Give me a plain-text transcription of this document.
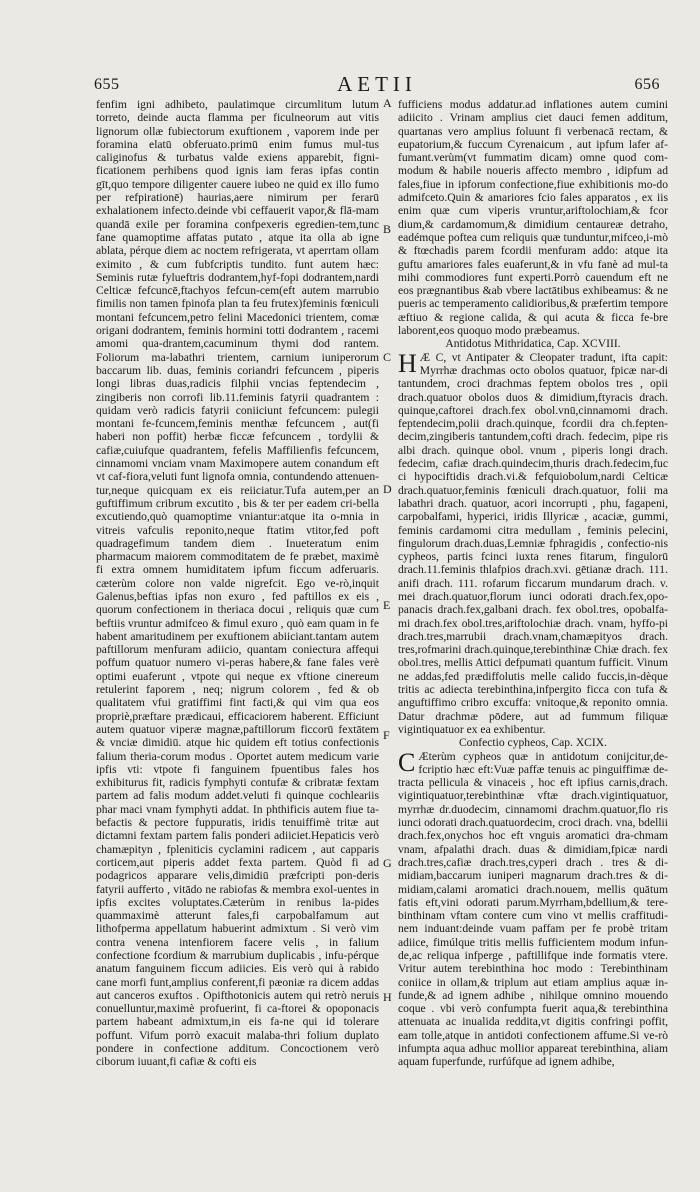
655	AETII	656

fenfim igni adhibeto, paulatimque circumlitum lutum torreto, deinde aucta flamma per ficulneorum aut vitis lignorum ollæ fubiectorum exuftionem , vaporem inde per foramina elatū obferuato.primū enim fumus mul-tus caliginofus & turbatus valde exiens apparebit, figni-ficationem perhibens quod ignis iam feras ipfas contin gīt,quo tempore diligenter cauere iubeo ne quid ex illo fumo per refpirationē) haurias,aere nimirum per ferarū exhalationem infecto.deinde vbi ceffauerit vapor,& flā-mam quandā exile per foramina confpexeris egredien-tem,tunc fane quamoptime affatas putato , atque ita olla ab igne ablata, pérque diem ac noctem refrigerata, vt aperrtam ollam eximito , & cum fubfcriptis tundito. funt autem hæc: Seminis rutæ fylueftris dodrantem,hyf-fopi dodrantem,nardi Celticæ fefcuncē,ftachyos fefcun-cem(eft autem marrubio fimilis non tamen fpinofa plan ta feu frutex)feminis fœniculi montani fefcuncem,petro felini Macedonici trientem, comæ origani dodrantem, feminis hormini totti dodrantem , racemi amomi qua-drantem,cacuminum thymi dod rantem. Foliorum ma-labathri trientem, carnium iuniperorum baccarum lib. duas, feminis coriandri fefcuncem , piperis longi libras duas,radicis filphii vncias feptendecim , zingiberis non corrofi lib.11.feminis fatyrii quadrantem : quidam verò radicis fatyrii coniiciunt fefcuncem: pulegii montani fe-fcuncem,feminis menthæ fefcuncem , aut(fi haberi non poffit) herbæ ficcæ fefcuncem , tordylii & cafiæ,cuiufque quadrantem, fefelis Maffilienfis fefcuncem, cinnamomi vnciam vnam Maximopere autem conandum eft vt caf-fiora,veluti funt lignofa omnia, contundendo attenuen-tur,neque quicquam ex eis reiiciatur.Tufa autem,per an guftiffimum cribrum excutito , bis & ter per eadem cri-bella excutiendo,quò quamoptime vniantur:atque ita o-mnia in vitreis vafculis reponito,neque ftatim vtitor,fed poft quadragefimum tandem diem . Inueteratum enim pharmacum maiorem commoditatem de fe præbet, maximè fi extra omnem humiditatem ipfum ficcum adferuaris. cæterùm colore non valde nigrefcit. Ego ve-rò,inquit Galenus,beftias ipfas non exuro , fed paftillos ex eis , quorum confectionem in theriaca docui , reliquis quæ cum beftiis vruntur admifceo & fimul exuro , quò eam quam in fe habent amaritudinem per exuftionem abiiciant.tantam autem paftillorum menfuram adiicio, quantam coniectura affequi poffum quatuor numero vi-peras habere,& fane fales verè optimi euaferunt , vtpote qui neque ex vftione cinereum retulerint faporem , neq; nigrum colorem , fed & ob qualitatem vfui gratiffimi fint facti,& qui vim qua eos propriè,præftare prædicaui, efficaciorem haberent. Efficiunt autem quatuor viperæ magnæ,paftillorum ficcorū fextātem & vnciæ dimidiū. atque hic quidem eft totius confectionis falium theria-corum modus . Oportet autem medicum varie ipfis vti: vtpote fi fanguinem fpuentibus fales hos exhibiturus fit, radicis fymphyti contufæ & cribratæ fextam partem ad falis modum addet.veluti fi quinque cochleariis phar maci vnam fymphyti addat. In phthificis autem fiue ta-befactis & pectore fuppuratis, iridis tenuiffimè tritæ aut dictamni fextam partem falis ponderi adiiciet.Hepaticis verò chamæpityn , fpleniticis cyclamini radicem , aut capparis corticem,aut piperis addet fexta partem. Quòd fi ad podagricos apparare velis,dimidiū præfcripti pon-deris fatyrii aufferto , vitādo ne rabiofas & membra exol-uentes in ipfis excites voluptates.Cæterùm in renibus la-pides quammaximè atterunt fales,fi carpobalfamum aut lithofperma appellatum habuerint admixtum . Si verò vim contra venena intenfiorem facere velis , in falium confectione fcordium & marrubium duplicabis , infu-pérque anatum fanguinem ficcum adiicies. Eis verò qui à rabido cane morfi funt,amplius conferent,fi pæoniæ ra dicem addas aut canceros exuftos . Opifthotonicis autem qui retrò neruis conuelluntur,maximè profuerint, fi ca-ftorei & opoponacis partem habeant admixtum,in eis fa-ne qui id tolerare poffunt. Vifum porrò exacuit malaba-thri folium duplato pondere in confectione additum. Concoctionem verò ciborum iuuant,fi cafiæ & cofti eis

A
B
C
D
E
F
G
H

fufficiens modus addatur.ad inflationes autem cumini adiicito . Vrinam amplius ciet dauci femen additum, quartanas vero amplius foluunt fi verbenacā rectam, & eupatorium,& fuccum Cyrenaicum , aut ipfum lafer af-fumant.verùm(vt fummatim dicam) omne quod com-modum & habile noueris affecto membro , idipfum ad fales,fiue in ipforum confectione,fiue exhibitionis mo-do admifceto.Quin & amariores fcio fales apparatos , ex iis enim quæ cum viperis vruntur,ariftolochiam,& fcor dium,& cardamomum,& dimidium centaureæ detraho, eadémque poftea cum reliquis quæ tunduntur,mifceo,i-mò & ftœchadis parem fcordii menfuram addo: atque ita guftu amariores fales euaferunt,& in vfu fanè ad mul-ta mihi commodiores funt experti.Porrò cauendum eft ne eos prægnantibus &ab vbere lactātibus exhibeamus: & ne pueris ac temperamento calidioribus,& præfertim tempore æftiuo & regione calida, & qui acuta & ficca fe-bre laborent,eos quoquo modo præbeamus.

Antidotus Mithridatica, Cap. XCVIII.

H Æ C, vt Antipater & Cleopater tradunt, ifta capit: Myrrhæ drachmas octo obolos quatuor, fpicæ nar-di tantundem, croci drachmas feptem obolos tres , opii drach.quatuor obolos duos & dimidium,ftyracis drach. quinque,caftorei drach.fex obol.vnū,cinnamomi drach. feptendecim,polii drach.quinque, fcordii dra ch.fepten-decim,zingiberis tantundem,cofti drach. fedecim, pipe ris albi drach. quinque obol. vnum , piperis longi drach. fedecim, cafiæ drach.quindecim,thuris drach.fedecim,fuc ci hypociftidis drach.vi.& fefquiobolum,nardi Celticæ drach.quatuor,feminis fœniculi drach.quatuor, folii ma labathri drach. quatuor, acori incorrupti , phu, fagapeni, carpobalfami, hyperici, iridis Illyricæ , acaciæ, gummi, feminis cardamomi citra medullam , feminis pelecini, fingulorum drach.duas,Lemniæ fphragidis , confectio-nis cypheos, partis fcinci iuxta renes fitarum, fingulorū drach.11.feminis thlafpios drach.xvi. gētianæ drach. 111. anifi drach. 111. rofarum ficcarum mundarum drach. v. mei drach.quatuor,florum iunci odorati drach.fex,opo-panacis drach.fex,galbani drach. fex obol.tres, opobalfa-mi drach.fex obol.tres,ariftolochiæ drach. vnam, hyffo-pi drach.tres,marrubii drach.vnam,chamæpityos drach. tres,rofmarini drach.quinque,terebinthinæ Chiæ drach. fex obol.tres, mellis Attici defpumati quantum fufficit. Vinum ne addas,fed prædiffolutis melle calido fuccis,in-dèque tritis ac adiecta terebinthina,infpergito ficca con tufa & anguftiffimo cribro excuffa: vnitoque,& reponito omnia. Datur drachmæ pōdere, aut ad fummum filiquæ vigintiquatuor ex ea exhibentur.

Confectio cypheos, Cap. XCIX.

C Æterùm cypheos quæ in antidotum conijcitur,de-fcriptio hæc eft:Vuæ paffæ tenuis ac pinguiffimæ de-tracta pellicula & vinaceis , hoc eft ipfius carnis,drach. vigintiquatuor,terebinthinæ vftæ drach.vigintiquatuor, myrrhæ dr.duodecim, cinnamomi drachm.quatuor,flo ris iunci odorati drach.quatuordecim, croci drach. vna, bdellii drach.fex,onychos hoc eft vnguis aromatici dra-chmam vnam, afpalathi drach. duas & dimidiam,fpicæ nardi drach.tres,cafiæ drach.tres,cyperi drach . tres & di-midiam,baccarum iuniperi magnarum drach.tres & di-midiam,calami aromatici drach.nouem, mellis quātum fatis eft,vini odorati parum.Myrrham,bdellium,& tere-binthinam vftam contere cum vino vt mellis craffitudi-nem induant:deinde vuam paffam per fe probè tritam adiice, fimúlque tritis mellis fufficientem modum infun-de,ac reliqua infperge , paftillifque inde formatis vtere. Vritur autem terebinthina hoc modo : Terebinthinam coniice in ollam,& triplum aut etiam amplius aquæ in-funde,& ad ignem adhibe , nihilque omnino mouendo coque . vbi verò confumpta fuerit aqua,& terebinthina attenuata ac inualida reddita,vt digitis confringi poffit, eam tolle,atque in antidoti confectionem affume.Si ve-rò infumpta aqua adhuc mollior appareat terebinthina, aliam aquam fuperfunde, rurfúfque ad ignem adhibe,
